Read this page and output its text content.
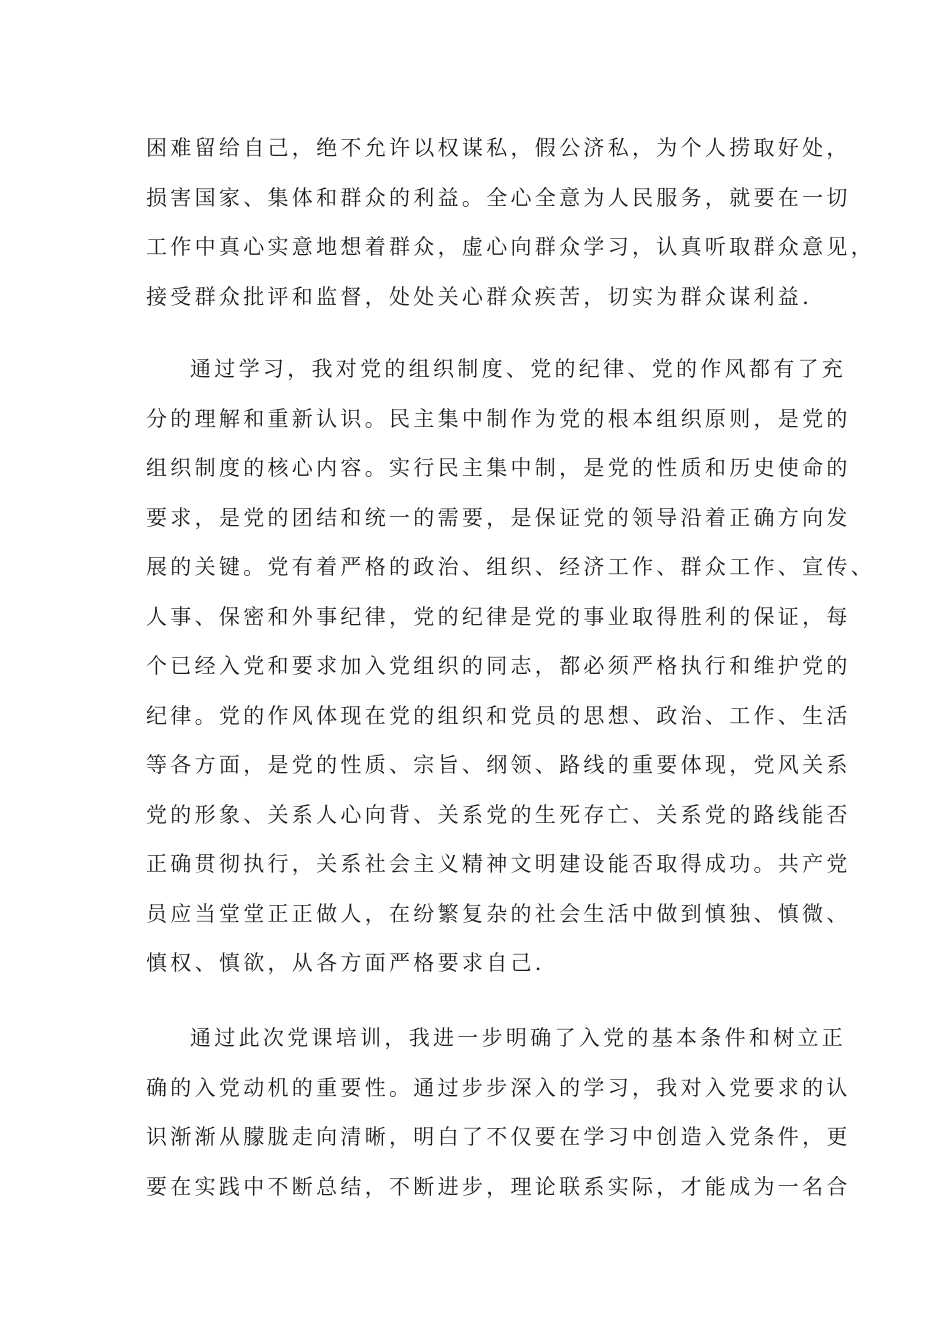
困难留给自己，绝不允许以权谋私，假公济私，为个人捞取好处，
损害国家、集体和群众的利益。全心全意为人民服务，就要在一切
工作中真心实意地想着群众，虚心向群众学习，认真听取群众意见，
接受群众批评和监督，处处关心群众疾苦，切实为群众谋利益.
通过学习，我对党的组织制度、党的纪律、党的作风都有了充
分的理解和重新认识。民主集中制作为党的根本组织原则，是党的
组织制度的核心内容。实行民主集中制，是党的性质和历史使命的
要求，是党的团结和统一的需要，是保证党的领导沿着正确方向发
展的关键。党有着严格的政治、组织、经济工作、群众工作、宣传、
人事、保密和外事纪律，党的纪律是党的事业取得胜利的保证，每
个已经入党和要求加入党组织的同志，都必须严格执行和维护党的
纪律。党的作风体现在党的组织和党员的思想、政治、工作、生活
等各方面，是党的性质、宗旨、纲领、路线的重要体现，党风关系
党的形象、关系人心向背、关系党的生死存亡、关系党的路线能否
正确贯彻执行，关系社会主义精神文明建设能否取得成功。共产党
员应当堂堂正正做人，在纷繁复杂的社会生活中做到慎独、慎微、
慎权、慎欲，从各方面严格要求自己.
通过此次党课培训，我进一步明确了入党的基本条件和树立正
确的入党动机的重要性。通过步步深入的学习，我对入党要求的认
识渐渐从朦胧走向清晰，明白了不仅要在学习中创造入党条件，更
要在实践中不断总结，不断进步，理论联系实际，才能成为一名合
